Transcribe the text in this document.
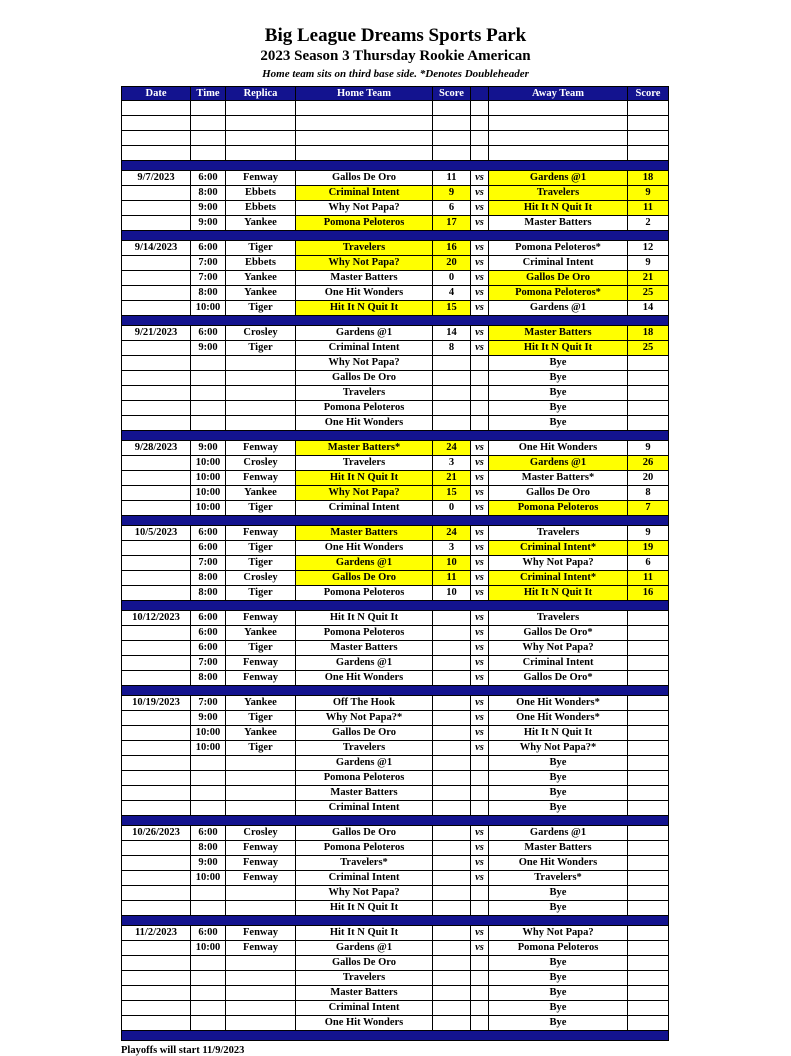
Big League Dreams Sports Park
2023 Season 3 Thursday Rookie American
Home team sits on third base side. *Denotes Doubleheader
Date	Time	Replica	Home Team	Score		Away Team	Score

9/7/2023	6:00	Fenway	Gallos De Oro	11	vs	Gardens @1	18
	8:00	Ebbets	Criminal Intent	9	vs	Travelers	9
	9:00	Ebbets	Why Not Papa?	6	vs	Hit It N Quit It	11
	9:00	Yankee	Pomona Peloteros	17	vs	Master Batters	2

9/14/2023	6:00	Tiger	Travelers	16	vs	Pomona Peloteros*	12
	7:00	Ebbets	Why Not Papa?	20	vs	Criminal Intent	9
	7:00	Yankee	Master Batters	0	vs	Gallos De Oro	21
	8:00	Yankee	One Hit Wonders	4	vs	Pomona Peloteros*	25
	10:00	Tiger	Hit It N Quit It	15	vs	Gardens @1	14

9/21/2023	6:00	Crosley	Gardens @1	14	vs	Master Batters	18
	9:00	Tiger	Criminal Intent	8	vs	Hit It N Quit It	25
			Why Not Papa?			Bye	
			Gallos De Oro			Bye	
			Travelers			Bye	
			Pomona Peloteros			Bye	
			One Hit Wonders			Bye	

9/28/2023	9:00	Fenway	Master Batters*	24	vs	One Hit Wonders	9
	10:00	Crosley	Travelers	3	vs	Gardens @1	26
	10:00	Fenway	Hit It N Quit It	21	vs	Master Batters*	20
	10:00	Yankee	Why Not Papa?	15	vs	Gallos De Oro	8
	10:00	Tiger	Criminal Intent	0	vs	Pomona Peloteros	7

10/5/2023	6:00	Fenway	Master Batters	24	vs	Travelers	9
	6:00	Tiger	One Hit Wonders	3	vs	Criminal Intent*	19
	7:00	Tiger	Gardens @1	10	vs	Why Not Papa?	6
	8:00	Crosley	Gallos De Oro	11	vs	Criminal Intent*	11
	8:00	Tiger	Pomona Peloteros	10	vs	Hit It N Quit It	16

10/12/2023	6:00	Fenway	Hit It N Quit It		vs	Travelers	
	6:00	Yankee	Pomona Peloteros		vs	Gallos De Oro*	
	6:00	Tiger	Master Batters		vs	Why Not Papa?	
	7:00	Fenway	Gardens @1		vs	Criminal Intent	
	8:00	Fenway	One Hit Wonders		vs	Gallos De Oro*	

10/19/2023	7:00	Yankee	Off The Hook		vs	One Hit Wonders*	
	9:00	Tiger	Why Not Papa?*		vs	One Hit Wonders*	
	10:00	Yankee	Gallos De Oro		vs	Hit It N Quit It	
	10:00	Tiger	Travelers		vs	Why Not Papa?*	
			Gardens @1			Bye	
			Pomona Peloteros			Bye	
			Master Batters			Bye	
			Criminal Intent			Bye	

10/26/2023	6:00	Crosley	Gallos De Oro		vs	Gardens @1	
	8:00	Fenway	Pomona Peloteros		vs	Master Batters	
	9:00	Fenway	Travelers*		vs	One Hit Wonders	
	10:00	Fenway	Criminal Intent		vs	Travelers*	
			Why Not Papa?			Bye	
			Hit It N Quit It			Bye	

11/2/2023	6:00	Fenway	Hit It N Quit It		vs	Why Not Papa?	
	10:00	Fenway	Gardens @1		vs	Pomona Peloteros	
			Gallos De Oro			Bye	
			Travelers			Bye	
			Master Batters			Bye	
			Criminal Intent			Bye	
			One Hit Wonders			Bye	

Playoffs will start 11/9/2023
